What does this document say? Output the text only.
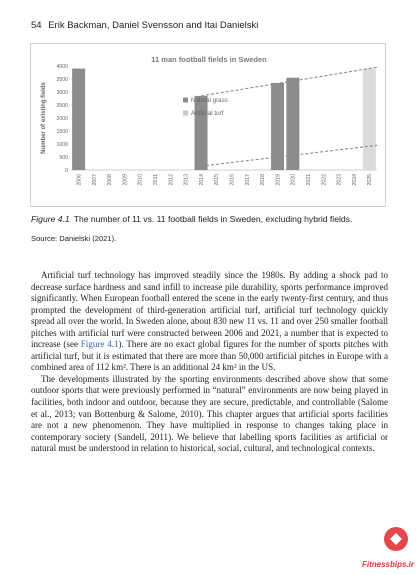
54 Erik Backman, Daniel Svensson and Itai Danielski
11 man football fields in Sweden
0
500
1000
1500
2000
2500
3000
3500
4000
Number of existing fields
2006 2007 2008 2009 2010 2011 2012 2013 2014 2015 2016 2017 2018 2019 2020 2021 2022 2023 2024 2025
Natural grass
Artificial turf
Figure 4.1 The number of 11 vs. 11 football fields in Sweden, excluding hybrid fields.
Source: Danielski (2021).

Artificial turf technology has improved steadily since the 1980s. By adding a shock pad to decrease surface hardness and sand infill to increase pile durability, sports performance improved significantly. When European football entered the scene in the early twenty-first century, and thus prompted the development of third-generation artificial turf, artificial turf technology quickly spread all over the world. In Sweden alone, about 830 new 11 vs. 11 and over 250 smaller football pitches with artificial turf were constructed between 2006 and 2021, a number that is expected to increase (see Figure 4.1). There are no exact global figures for the number of sports pitches with artificial turf, but it is estimated that there are more than 50,000 artificial pitches in Europe with a combined area of 112 km². There is an additional 24 km² in the US.

The developments illustrated by the sporting environments described above show that some outdoor sports that were previously performed in “natural” environments are now being played in facilities, both indoor and outdoor, because they are secure, predictable, and controllable (Salome et al., 2013; van Bottenburg & Salome, 2010). This chapter argues that artificial sports facilities are not a new phenomenon. They have multiplied in response to changes taking place in contemporary society (Sandell, 2011). We believe that labelling sports facilities as artificial or natural must be understood in relation to historical, social, cultural, and technological contexts.

Fitnessbips.ir
